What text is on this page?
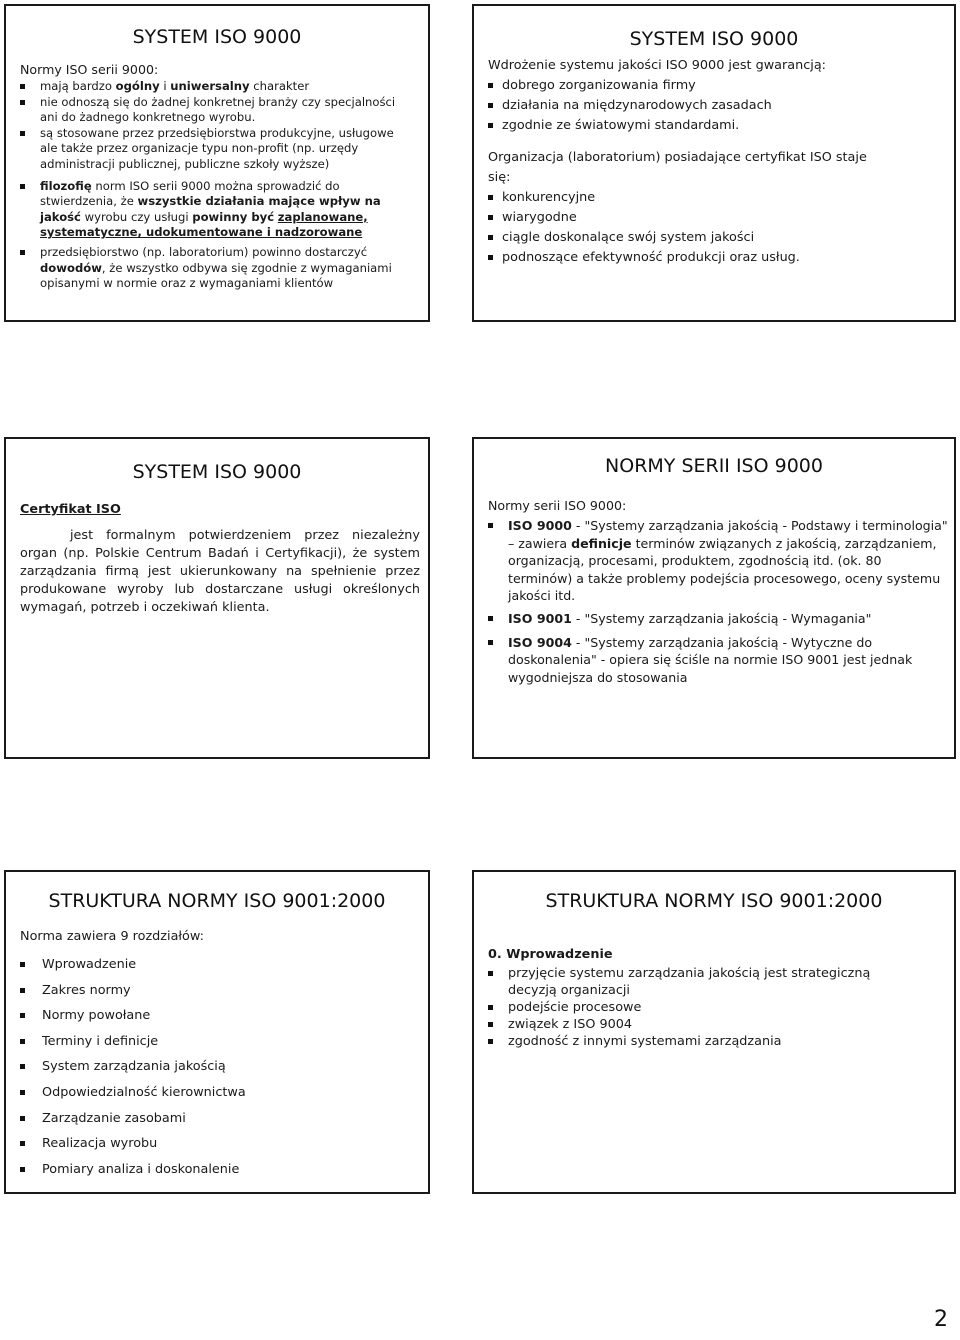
SYSTEM ISO 9000
Normy ISO serii 9000:
mają bardzo ogólny i uniwersalny charakter
nie odnoszą się do żadnej konkretnej branży czy specjalności
ani do żadnego konkretnego wyrobu.
są stosowane przez przedsiębiorstwa produkcyjne, usługowe
ale także przez organizacje typu non-profit (np. urzędy
administracji publicznej, publiczne szkoły wyższe)
filozofię norm ISO serii 9000 można sprowadzić do stwierdzenia, że wszystkie działania mające wpływ na jakość wyrobu czy usługi powinny być zaplanowane, systematyczne, udokumentowane i nadzorowane
przedsiębiorstwo (np. laboratorium) powinno dostarczyć dowodów, że wszystko odbywa się zgodnie z wymaganiami opisanymi w normie oraz z wymaganiami klientów
SYSTEM ISO 9000
Wdrożenie systemu jakości ISO 9000 jest gwarancją:
dobrego zorganizowania firmy
działania na międzynarodowych zasadach
zgodnie ze światowymi standardami.
Organizacja (laboratorium) posiadające certyfikat ISO staje się:
konkurencyjne
wiarygodne
ciągle doskonalące swój system jakości
podnoszące efektywność produkcji oraz usług.
SYSTEM ISO 9000
Certyfikat ISO
jest formalnym potwierdzeniem przez niezależny organ (np. Polskie Centrum Badań i Certyfikacji), że system zarządzania firmą jest ukierunkowany na spełnienie przez produkowane wyroby lub dostarczane usługi określonych wymagań, potrzeb i oczekiwań klienta.
NORMY SERII ISO 9000
Normy serii ISO 9000:
ISO 9000 - "Systemy zarządzania jakością - Podstawy i terminologia" – zawiera definicje terminów związanych z jakością, zarządzaniem, organizacją, procesami, produktem, zgodnością itd. (ok. 80 terminów) a także problemy podejścia procesowego, oceny systemu jakości itd.
ISO 9001 - "Systemy zarządzania jakością - Wymagania"
ISO 9004 - "Systemy zarządzania jakością - Wytyczne do doskonalenia" - opiera się ściśle na normie ISO 9001 jest jednak wygodniejsza do stosowania
STRUKTURA NORMY ISO 9001:2000
Norma zawiera 9 rozdziałów:
Wprowadzenie
Zakres normy
Normy powołane
Terminy i definicje
System zarządzania jakością
Odpowiedzialność kierownictwa
Zarządzanie zasobami
Realizacja wyrobu
Pomiary analiza i doskonalenie
STRUKTURA NORMY ISO 9001:2000
0. Wprowadzenie
przyjęcie systemu zarządzania jakością jest strategiczną decyzją organizacji
podejście procesowe
związek z ISO 9004
zgodność z innymi systemami zarządzania
2
